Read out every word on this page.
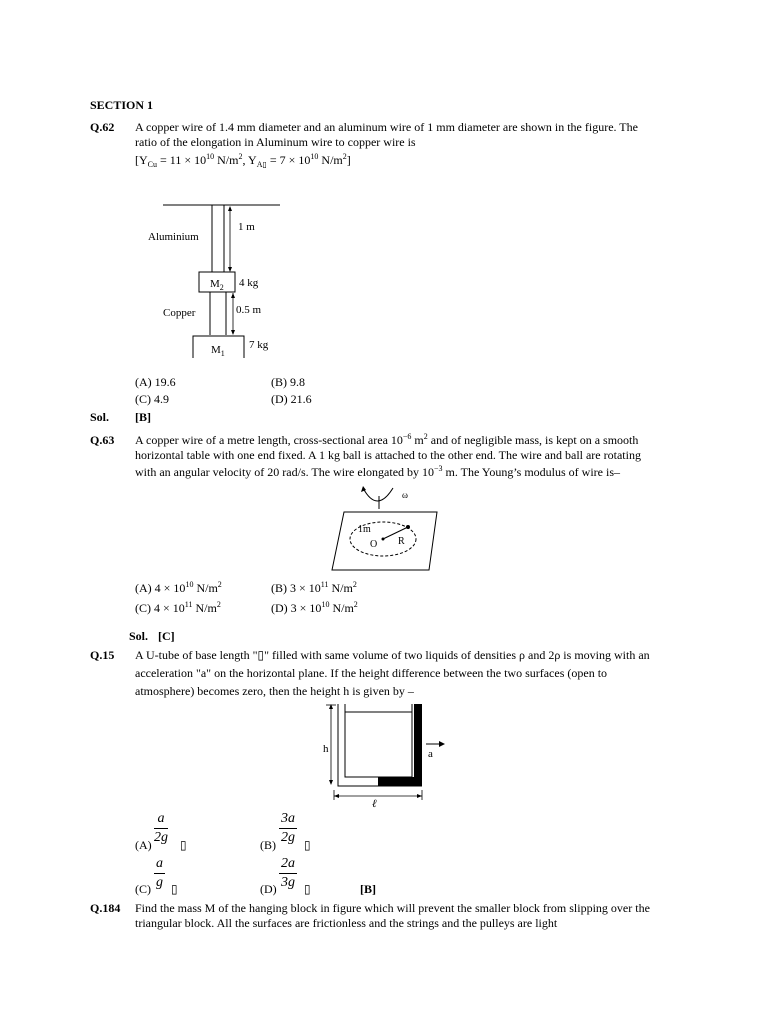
SECTION 1
Q.62 A copper wire of 1.4 mm diameter and an aluminum wire of 1 mm diameter are shown in the figure. The
ratio of the elongation in Aluminum wire to copper wire is
[$Y_{Cu} = 11 \times 10^{10}$ $N/m^2$, $Y_{A▯} = 7 \times 10^{10}$ $N/m^2$]
Aluminium
1 m
$M_2$ 4 kg
Copper	0.5 m
$M_1$
7 kg
(A) 19.6	(B) 9.8
(C) 4.9	(D) 21.6
Sol. [B]
Q.63 A copper wire of a metre length, cross-sectional area $10^{-6}$ $m^2$ and of negligible mass, is kept on a smooth
horizontal table with one end fixed. A 1 kg ball is attached to the other end. The wire and ball are rotating
with an angular velocity of 20 rad/s. The wire elongated by $10^{-3}$ m. The Young’s modulus of wire is–
ω
1m
O R
(A) $4 \times 10^{10}$ $N/m^2$	(B) $3 \times 10^{11}$ $N/m^2$
(C) $4 \times 10^{11}$ $N/m^2$	(D) $3 \times 10^{10}$ $N/m^2$
Sol. [C]
Q.15 A U-tube of base length "▯" filled with same volume of two liquids of densities ρ and 2ρ is moving with an
acceleration "a" on the horizontal plane. If the height difference between the two surfaces (open to
atmosphere) becomes zero, then the height h is given by –
h	a
ℓ
$(A) \frac{a}{2g}$ ▯	$(B) \frac{3a}{2g}$ ▯
$(C) \frac{a}{g}$ ▯	$(D) \frac{2a}{3g}$ ▯	[B]
Q.184 Find the mass M of the hanging block in figure which will prevent the smaller block from slipping over the
triangular block. All the surfaces are frictionless and the strings and the pulleys are light
